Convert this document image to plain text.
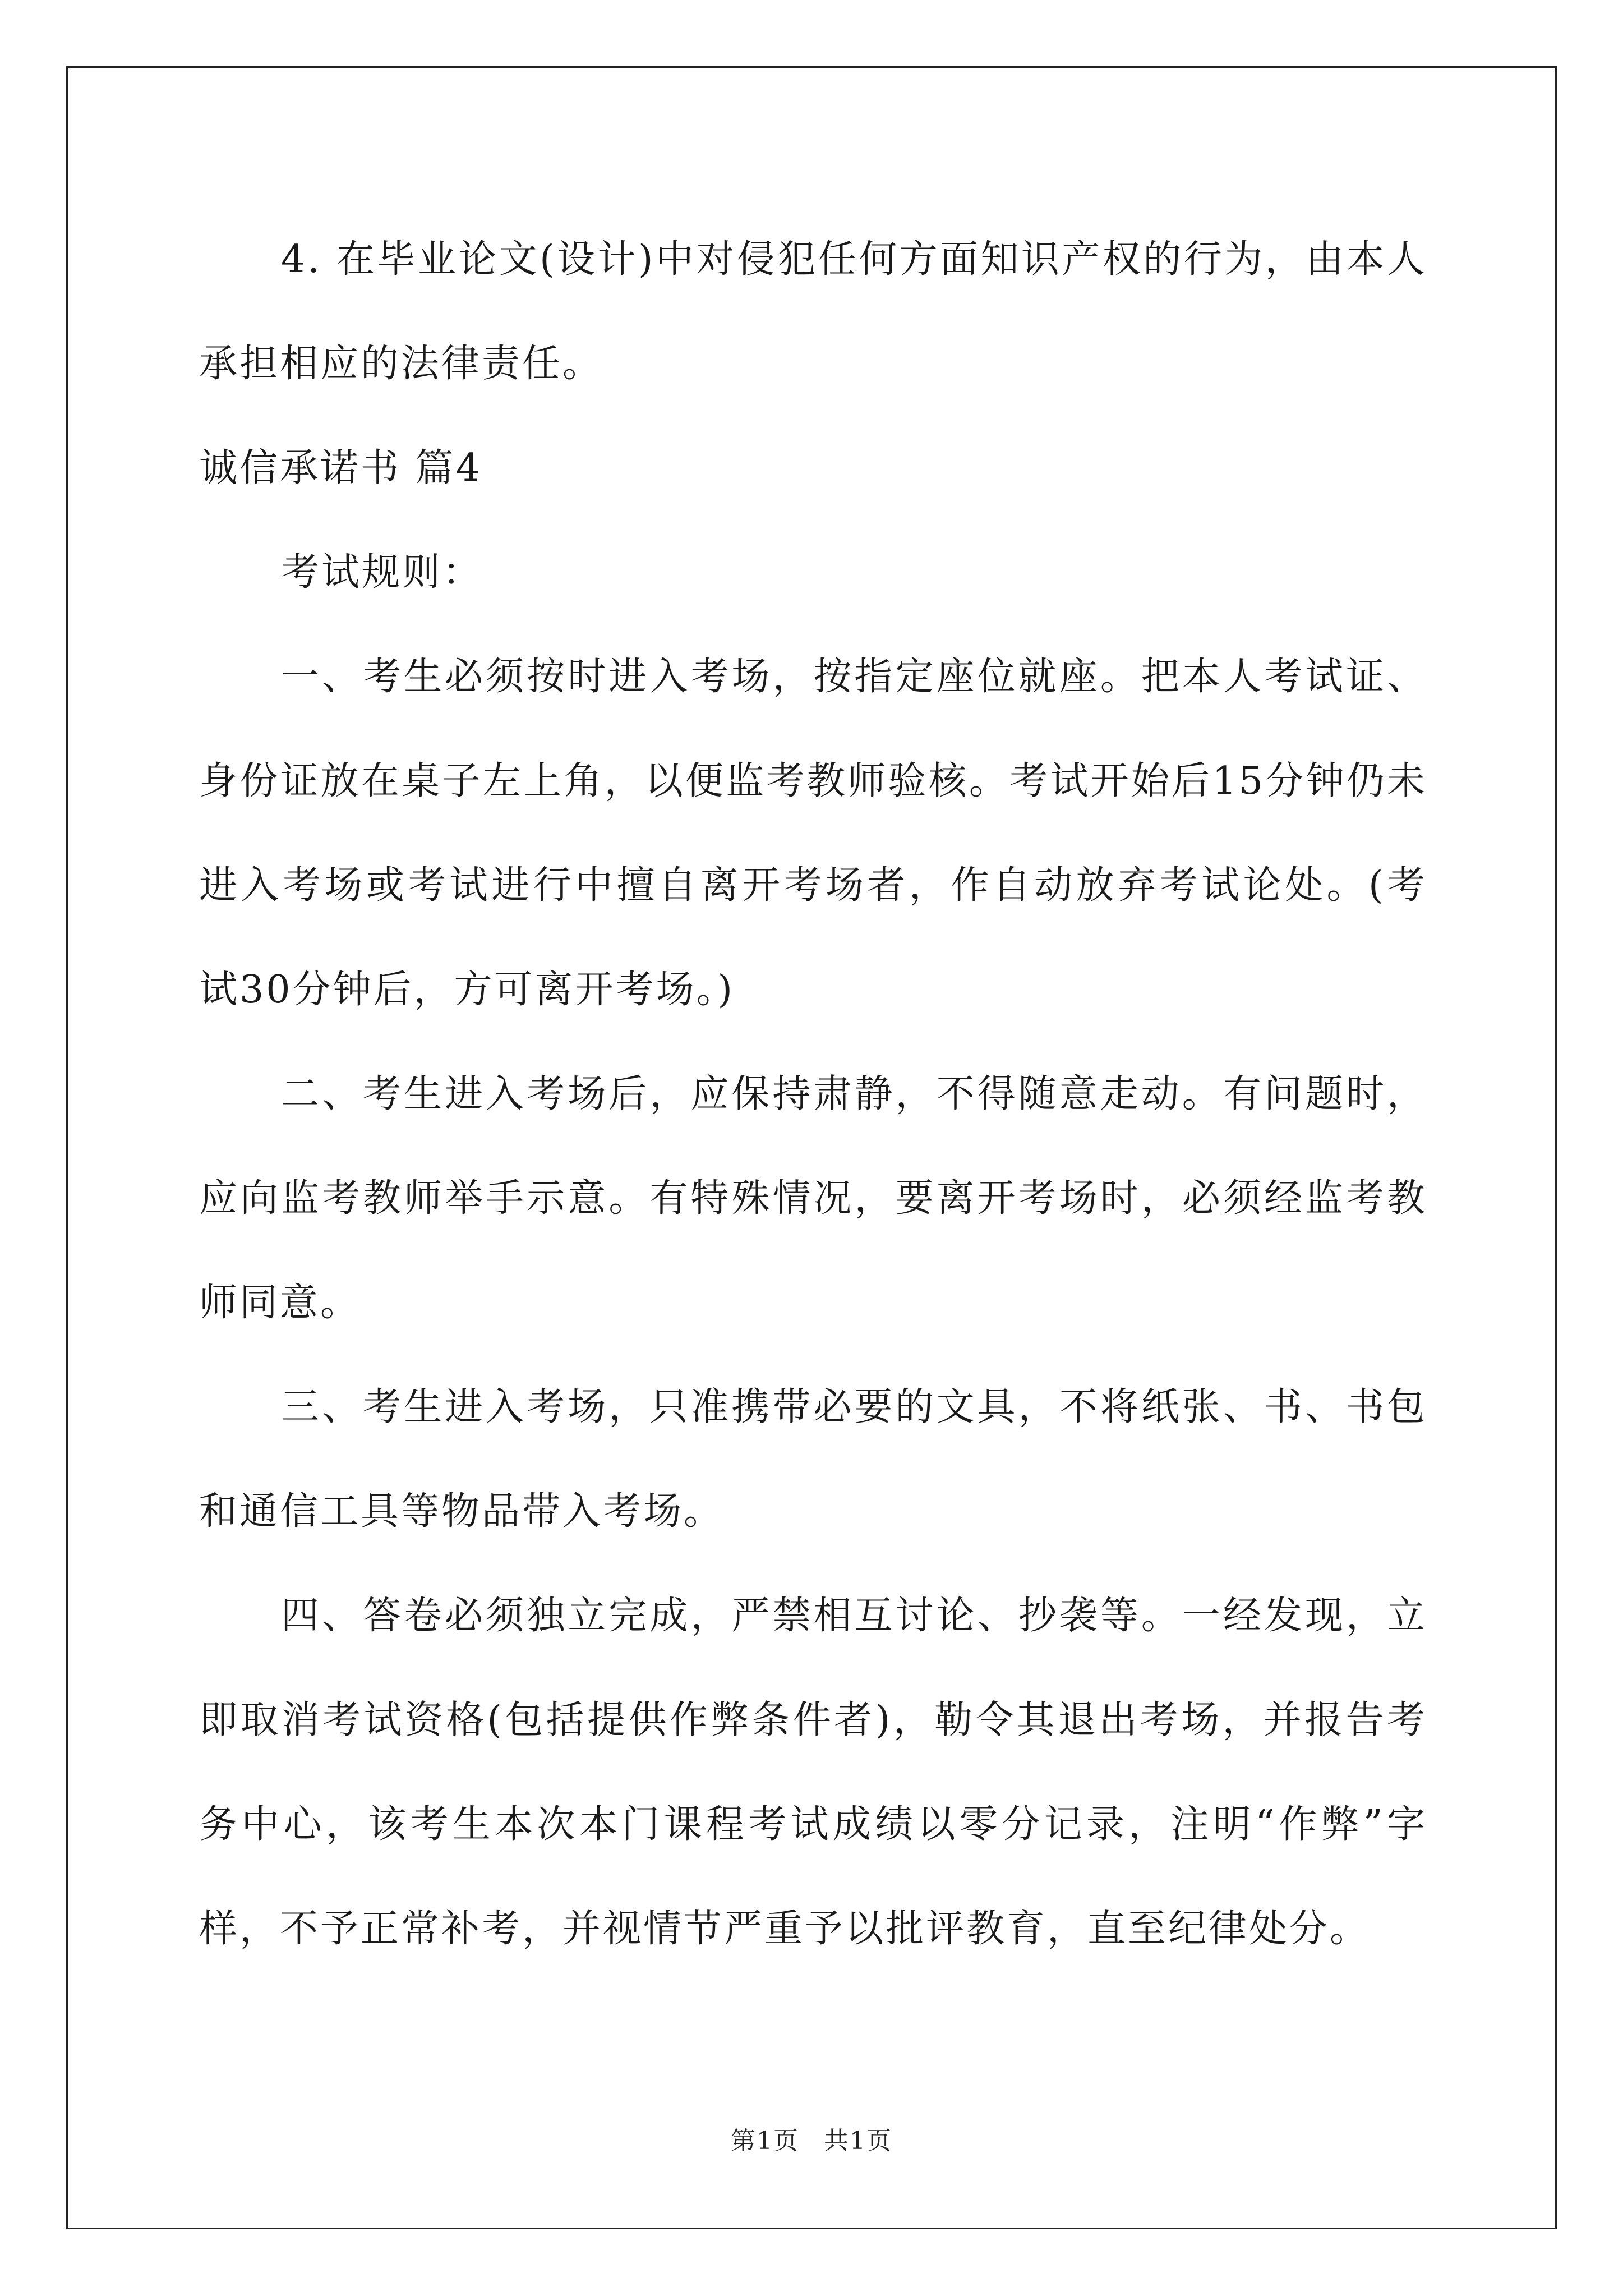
4. 在毕业论文(设计)中对侵犯任何方面知识产权的行为，由本人承担相应的法律责任。

诚信承诺书 篇4

考试规则：

一、考生必须按时进入考场，按指定座位就座。把本人考试证、身份证放在桌子左上角，以便监考教师验核。考试开始后15分钟仍未进入考场或考试进行中擅自离开考场者，作自动放弃考试论处。(考试30分钟后，方可离开考场。)

二、考生进入考场后，应保持肃静，不得随意走动。有问题时，应向监考教师举手示意。有特殊情况，要离开考场时，必须经监考教师同意。

三、考生进入考场，只准携带必要的文具，不将纸张、书、书包和通信工具等物品带入考场。

四、答卷必须独立完成，严禁相互讨论、抄袭等。一经发现，立即取消考试资格(包括提供作弊条件者)，勒令其退出考场，并报告考务中心，该考生本次本门课程考试成绩以零分记录，注明“作弊”字样，不予正常补考，并视情节严重予以批评教育，直至纪律处分。

第1页 共1页
